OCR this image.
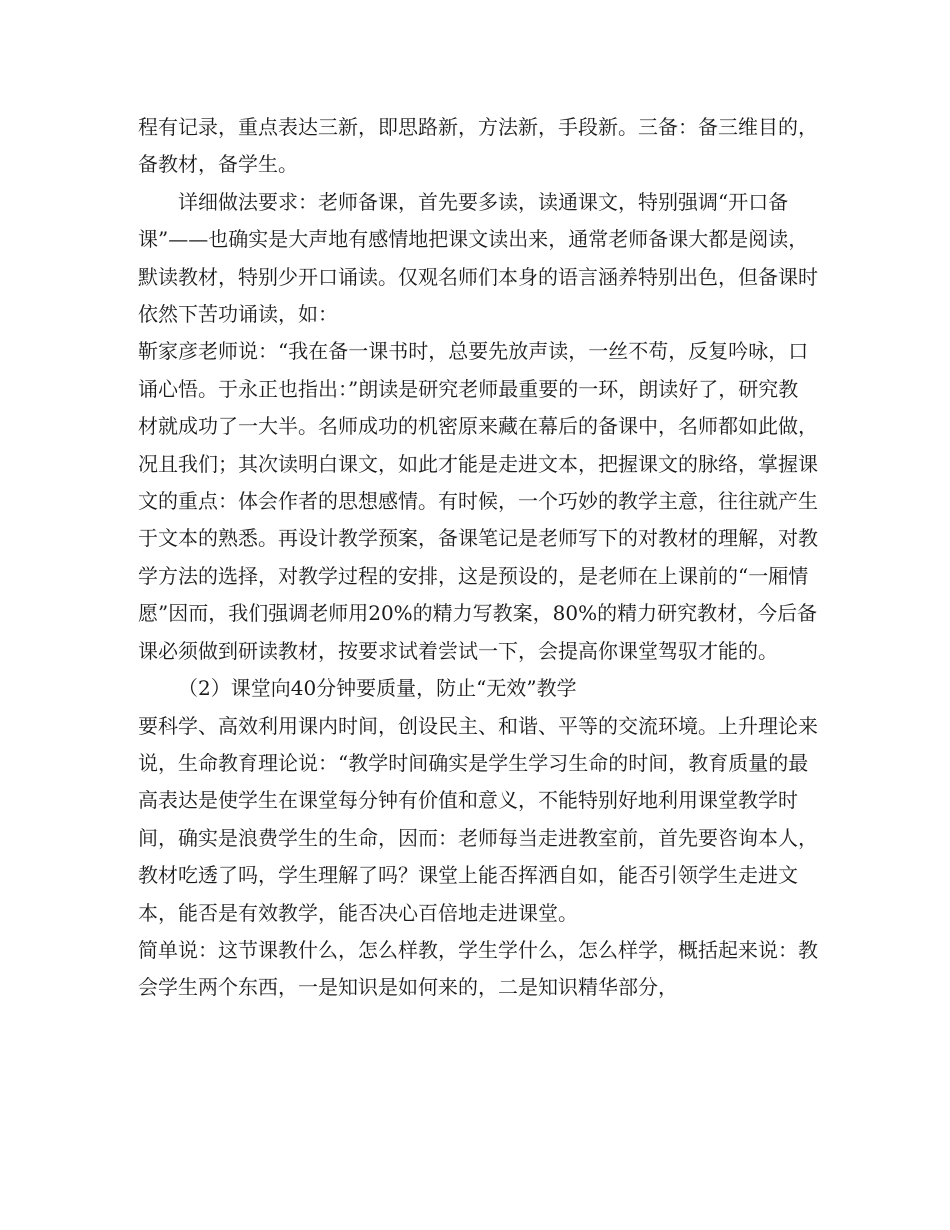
程有记录，重点表达三新，即思路新，方法新，手段新。三备：备三维目的，备教材，备学生。

详细做法要求：老师备课，首先要多读，读通课文，特别强调“开口备课”——也确实是大声地有感情地把课文读出来，通常老师备课大都是阅读，默读教材，特别少开口诵读。仅观名师们本身的语言涵养特别出色，但备课时依然下苦功诵读，如：

靳家彦老师说：“我在备一课书时，总要先放声读，一丝不苟，反复吟咏，口诵心悟。于永正也指出：”朗读是研究老师最重要的一环，朗读好了，研究教材就成功了一大半。名师成功的机密原来藏在幕后的备课中，名师都如此做，况且我们；其次读明白课文，如此才能是走进文本，把握课文的脉络，掌握课文的重点：体会作者的思想感情。有时候，一个巧妙的教学主意，往往就产生于文本的熟悉。再设计教学预案，备课笔记是老师写下的对教材的理解，对教学方法的选择，对教学过程的安排，这是预设的，是老师在上课前的“一厢情愿”因而，我们强调老师用20%的精力写教案，80%的精力研究教材，今后备课必须做到研读教材，按要求试着尝试一下，会提高你课堂驾驭才能的。

（2）课堂向40分钟要质量，防止“无效”教学

要科学、高效利用课内时间，创设民主、和谐、平等的交流环境。上升理论来说，生命教育理论说：“教学时间确实是学生学习生命的时间，教育质量的最高表达是使学生在课堂每分钟有价值和意义，不能特别好地利用课堂教学时间，确实是浪费学生的生命，因而：老师每当走进教室前，首先要咨询本人，教材吃透了吗，学生理解了吗？课堂上能否挥洒自如，能否引领学生走进文本，能否是有效教学，能否决心百倍地走进课堂。

简单说：这节课教什么，怎么样教，学生学什么，怎么样学，概括起来说：教会学生两个东西，一是知识是如何来的，二是知识精华部分，
